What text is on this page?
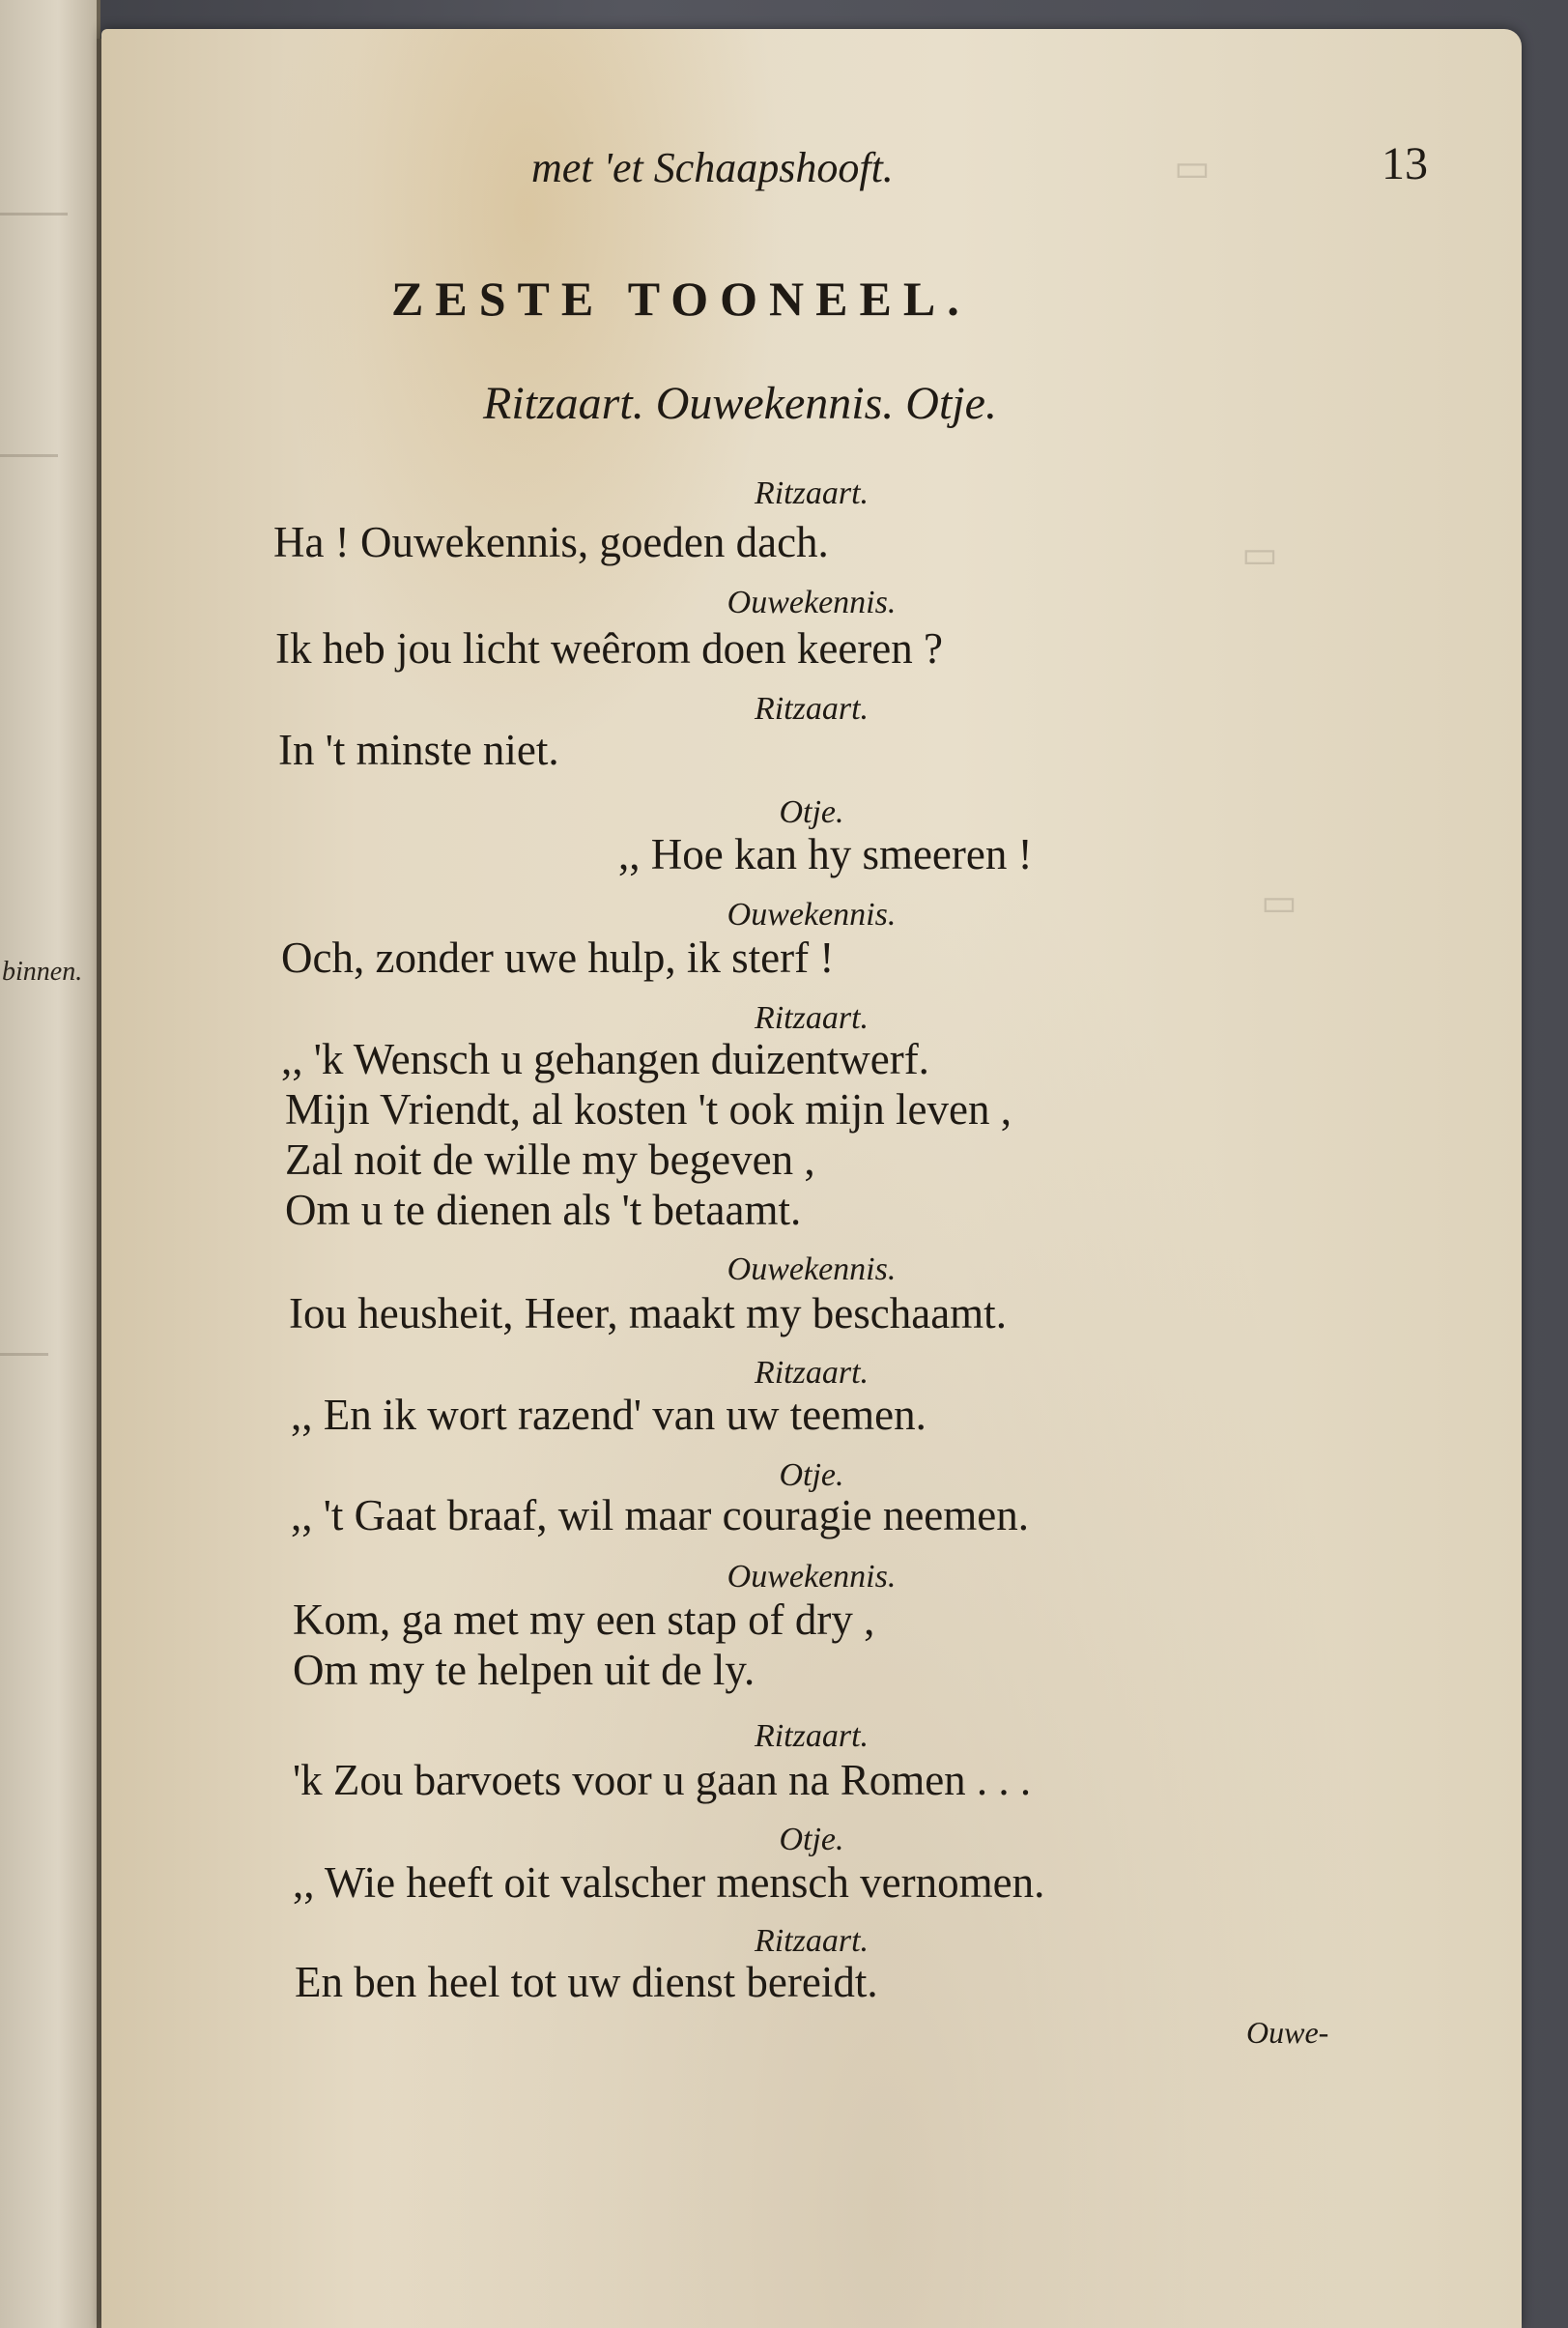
binnen.
▭
▭
▭
met 'et Schaapshooft.	13
ZESTE TOONEEL.
Ritzaart. Ouwekennis. Otje.
Ritzaart.
Ha ! Ouwekennis, goeden dach.
Ouwekennis.
Ik heb jou licht weêrom doen keeren ?
Ritzaart.
In 't minste niet.
Otje.
,, Hoe kan hy smeeren !
Ouwekennis.
Och, zonder uwe hulp, ik sterf !
Ritzaart.
,, 'k Wensch u gehangen duizentwerf.
Mijn Vriendt, al kosten 't ook mijn leven ,
Zal noit de wille my begeven ,
Om u te dienen als 't betaamt.
Ouwekennis.
Iou heusheit, Heer, maakt my beschaamt.
Ritzaart.
,, En ik wort razend' van uw teemen.
Otje.
,, 't Gaat braaf, wil maar couragie neemen.
Ouwekennis.
Kom, ga met my een stap of dry ,
Om my te helpen uit de ly.
Ritzaart.
'k Zou barvoets voor u gaan na Romen . . .
Otje.
,, Wie heeft oit valscher mensch vernomen.
Ritzaart.
En ben heel tot uw dienst bereidt.
Ouwe-
